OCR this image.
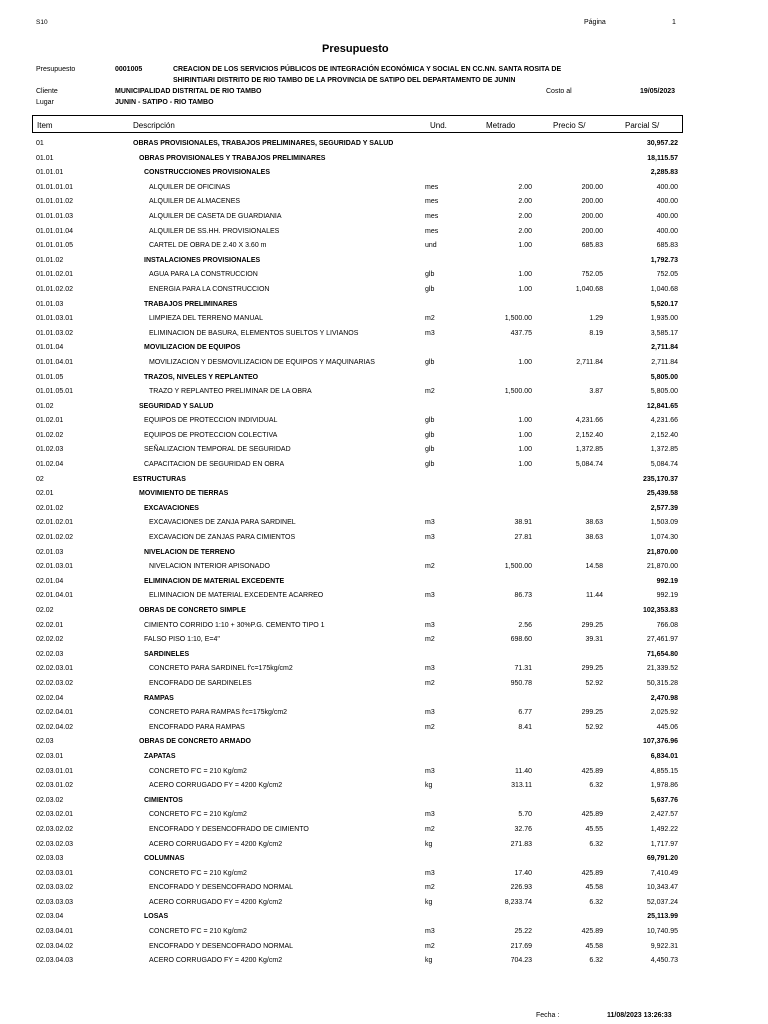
S10	Página	1
Presupuesto
Presupuesto	0001005	CREACION DE LOS SERVICIOS PÚBLICOS DE INTEGRACIÓN ECONÓMICA Y SOCIAL EN CC.NN. SANTA ROSITA DE
SHIRINTIARI DISTRITO DE RIO TAMBO DE LA PROVINCIA DE SATIPO DEL DEPARTAMENTO DE JUNIN
Cliente	MUNICIPALIDAD DISTRITAL DE RIO TAMBO	Costo al	19/05/2023
Lugar	JUNIN - SATIPO - RIO TAMBO
Item	Descripción	Und.	Metrado	Precio S/	Parcial S/
01	OBRAS PROVISIONALES, TRABAJOS PRELIMINARES, SEGURIDAD Y SALUD	30,957.22
01.01	OBRAS PROVISIONALES Y TRABAJOS PRELIMINARES	18,115.57
01.01.01	CONSTRUCCIONES PROVISIONALES	2,285.83
01.01.01.01	ALQUILER DE OFICINAS	mes	2.00	200.00	400.00
01.01.01.02	ALQUILER DE ALMACENES	mes	2.00	200.00	400.00
01.01.01.03	ALQUILER DE CASETA DE GUARDIANIA	mes	2.00	200.00	400.00
01.01.01.04	ALQUILER DE SS.HH. PROVISIONALES	mes	2.00	200.00	400.00
01.01.01.05	CARTEL DE OBRA DE 2.40 X 3.60 m	und	1.00	685.83	685.83
01.01.02	INSTALACIONES PROVISIONALES	1,792.73
01.01.02.01	AGUA PARA LA CONSTRUCCION	glb	1.00	752.05	752.05
01.01.02.02	ENERGIA PARA LA CONSTRUCCION	glb	1.00	1,040.68	1,040.68
01.01.03	TRABAJOS PRELIMINARES	5,520.17
01.01.03.01	LIMPIEZA DEL TERRENO MANUAL	m2	1,500.00	1.29	1,935.00
01.01.03.02	ELIMINACION DE BASURA, ELEMENTOS SUELTOS Y LIVIANOS	m3	437.75	8.19	3,585.17
01.01.04	MOVILIZACION DE EQUIPOS	2,711.84
01.01.04.01	MOVILIZACION Y DESMOVILIZACION DE EQUIPOS Y MAQUINARIAS	glb	1.00	2,711.84	2,711.84
01.01.05	TRAZOS, NIVELES Y REPLANTEO	5,805.00
01.01.05.01	TRAZO Y REPLANTEO PRELIMINAR DE LA OBRA	m2	1,500.00	3.87	5,805.00
01.02	SEGURIDAD Y SALUD	12,841.65
01.02.01	EQUIPOS DE PROTECCION INDIVIDUAL	glb	1.00	4,231.66	4,231.66
01.02.02	EQUIPOS DE PROTECCION COLECTIVA	glb	1.00	2,152.40	2,152.40
01.02.03	SEÑALIZACION TEMPORAL DE SEGURIDAD	glb	1.00	1,372.85	1,372.85
01.02.04	CAPACITACION DE SEGURIDAD EN OBRA	glb	1.00	5,084.74	5,084.74
02	ESTRUCTURAS	235,170.37
02.01	MOVIMIENTO DE TIERRAS	25,439.58
02.01.02	EXCAVACIONES	2,577.39
02.01.02.01	EXCAVACIONES DE ZANJA PARA SARDINEL	m3	38.91	38.63	1,503.09
02.01.02.02	EXCAVACION DE ZANJAS PARA CIMIENTOS	m3	27.81	38.63	1,074.30
02.01.03	NIVELACION DE TERRENO	21,870.00
02.01.03.01	NIVELACION INTERIOR APISONADO	m2	1,500.00	14.58	21,870.00
02.01.04	ELIMINACION DE MATERIAL EXCEDENTE	992.19
02.01.04.01	ELIMINACION DE MATERIAL EXCEDENTE ACARREO	m3	86.73	11.44	992.19
02.02	OBRAS DE CONCRETO SIMPLE	102,353.83
02.02.01	CIMIENTO CORRIDO 1:10 + 30%P.G. CEMENTO TIPO 1	m3	2.56	299.25	766.08
02.02.02	FALSO PISO 1:10, E=4"	m2	698.60	39.31	27,461.97
02.02.03	SARDINELES	71,654.80
02.02.03.01	CONCRETO PARA SARDINEL f'c=175kg/cm2	m3	71.31	299.25	21,339.52
02.02.03.02	ENCOFRADO DE SARDINELES	m2	950.78	52.92	50,315.28
02.02.04	RAMPAS	2,470.98
02.02.04.01	CONCRETO PARA RAMPAS f'c=175kg/cm2	m3	6.77	299.25	2,025.92
02.02.04.02	ENCOFRADO PARA RAMPAS	m2	8.41	52.92	445.06
02.03	OBRAS DE CONCRETO ARMADO	107,376.96
02.03.01	ZAPATAS	6,834.01
02.03.01.01	CONCRETO F'C = 210 Kg/cm2	m3	11.40	425.89	4,855.15
02.03.01.02	ACERO CORRUGADO FY = 4200 Kg/cm2	kg	313.11	6.32	1,978.86
02.03.02	CIMIENTOS	5,637.76
02.03.02.01	CONCRETO F'C = 210 Kg/cm2	m3	5.70	425.89	2,427.57
02.03.02.02	ENCOFRADO Y DESENCOFRADO DE CIMIENTO	m2	32.76	45.55	1,492.22
02.03.02.03	ACERO CORRUGADO FY = 4200 Kg/cm2	kg	271.83	6.32	1,717.97
02.03.03	COLUMNAS	69,791.20
02.03.03.01	CONCRETO F'C = 210 Kg/cm2	m3	17.40	425.89	7,410.49
02.03.03.02	ENCOFRADO Y DESENCOFRADO NORMAL	m2	226.93	45.58	10,343.47
02.03.03.03	ACERO CORRUGADO FY = 4200 Kg/cm2	kg	8,233.74	6.32	52,037.24
02.03.04	LOSAS	25,113.99
02.03.04.01	CONCRETO F'C = 210 Kg/cm2	m3	25.22	425.89	10,740.95
02.03.04.02	ENCOFRADO Y DESENCOFRADO NORMAL	m2	217.69	45.58	9,922.31
02.03.04.03	ACERO CORRUGADO FY = 4200 Kg/cm2	kg	704.23	6.32	4,450.73
Fecha :	11/08/2023 13:26:33
